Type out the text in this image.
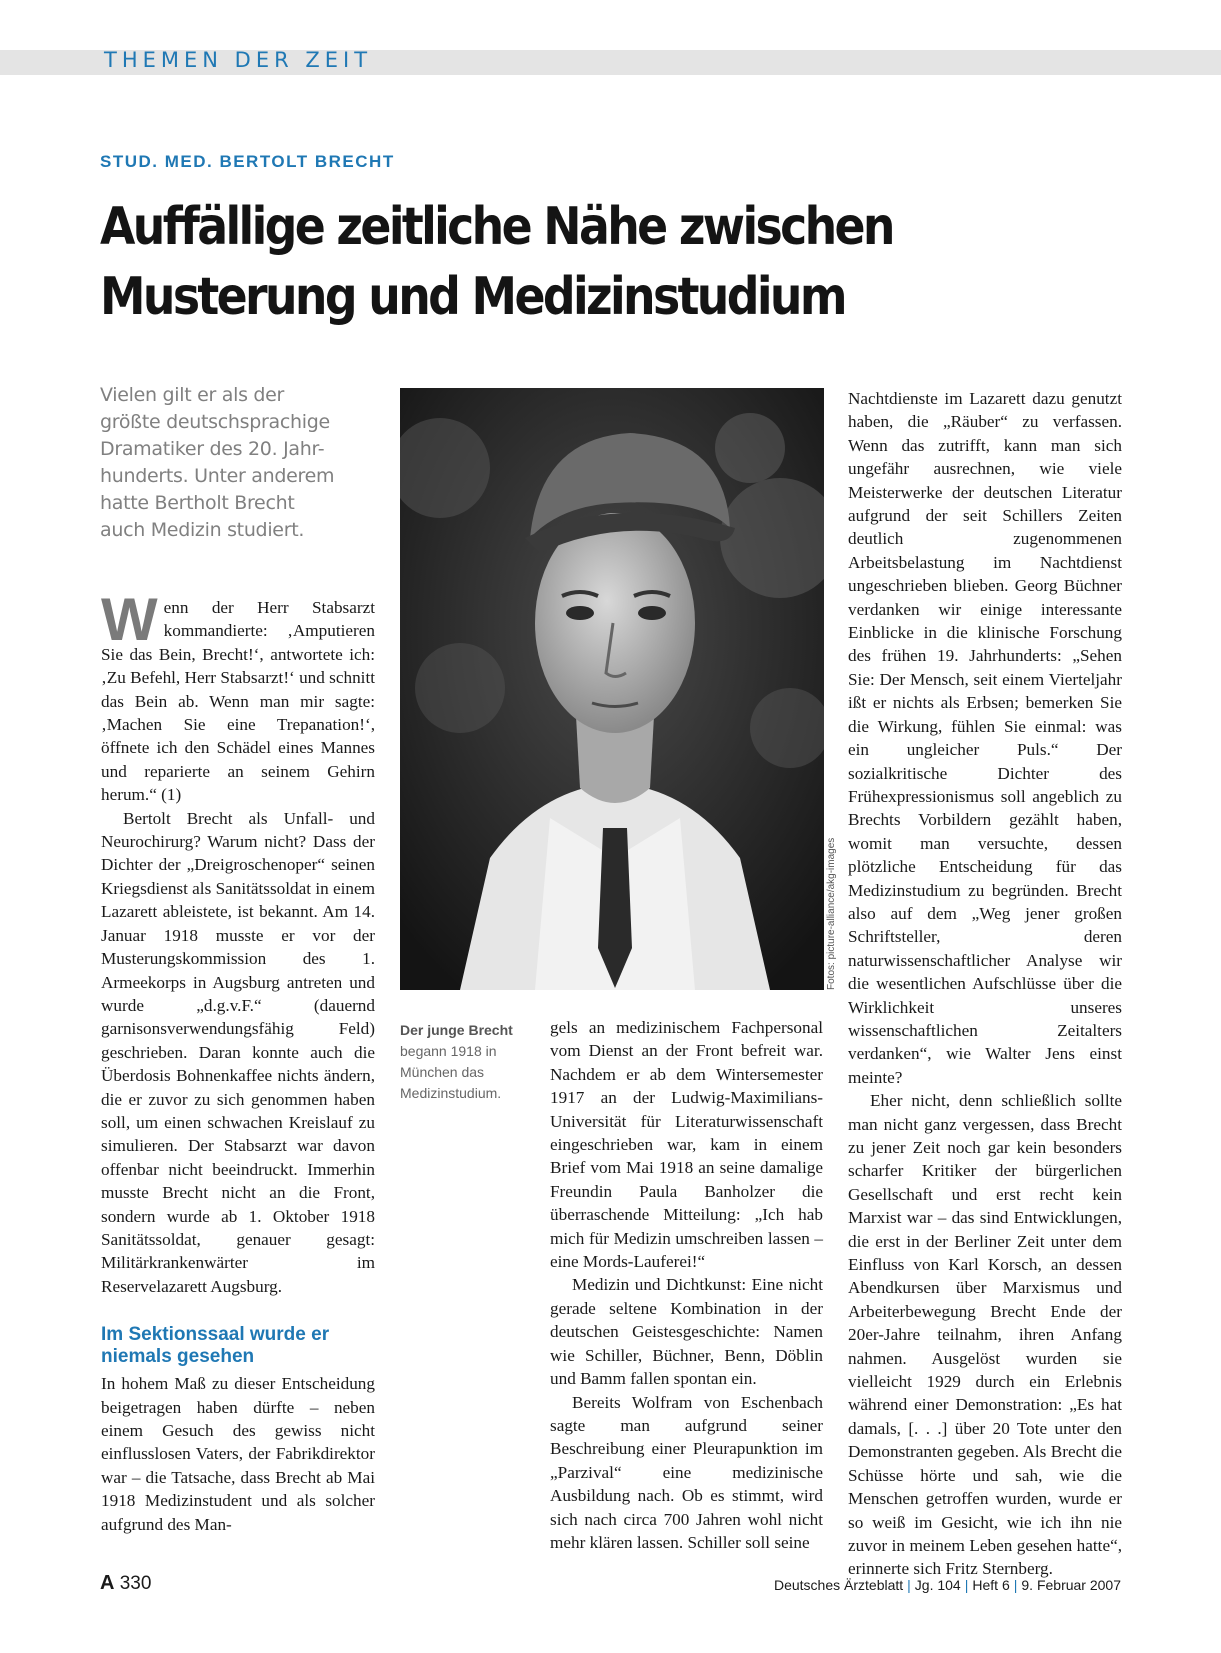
THEMEN DER ZEIT
STUD. MED. BERTOLT BRECHT
Auffällige zeitliche Nähe zwischen
Musterung und Medizinstudium
Vielen gilt er als der
größte deutschsprachige
Dramatiker des 20. Jahr-
hunderts. Unter anderem
hatte Bertholt Brecht
auch Medizin studiert.
Fotos: picture-alliance/akg-images
Der junge Brecht
begann 1918 in München das Medizinstudium.

Wenn der Herr Stabsarzt kommandierte: ‚Amputieren Sie das Bein, Brecht!‘, antwortete ich: ‚Zu Befehl, Herr Stabsarzt!‘ und schnitt das Bein ab. Wenn man mir sagte: ‚Machen Sie eine Trepanation!‘, öffnete ich den Schädel eines Mannes und reparierte an seinem Gehirn herum.“ (1)

Bertolt Brecht als Unfall- und Neurochirurg? Warum nicht? Dass der Dichter der „Dreigroschenoper“ seinen Kriegsdienst als Sanitätssoldat in einem Lazarett ableistete, ist bekannt. Am 14. Januar 1918 musste er vor der Musterungskommission des 1. Armeekorps in Augsburg antreten und wurde „d.g.v.F.“ (dauernd garnisonsverwendungsfähig Feld) geschrieben. Daran konnte auch die Überdosis Bohnenkaffee nichts ändern, die er zuvor zu sich genommen haben soll, um einen schwachen Kreislauf zu simulieren. Der Stabsarzt war davon offenbar nicht beeindruckt. Immerhin musste Brecht nicht an die Front, sondern wurde ab 1. Oktober 1918 Sanitätssoldat, genauer gesagt: Militärkrankenwärter im Reservelazarett Augsburg.

Im Sektionssaal wurde er niemals gesehen

In hohem Maß zu dieser Entscheidung beigetragen haben dürfte – neben einem Gesuch des gewiss nicht einflusslosen Vaters, der Fabrikdirektor war – die Tatsache, dass Brecht ab Mai 1918 Medizinstudent und als solcher aufgrund des Man-

gels an medizinischem Fachpersonal vom Dienst an der Front befreit war. Nachdem er ab dem Wintersemester 1917 an der Ludwig-Maximilians-Universität für Literaturwissenschaft eingeschrieben war, kam in einem Brief vom Mai 1918 an seine damalige Freundin Paula Banholzer die überraschende Mitteilung: „Ich hab mich für Medizin umschreiben lassen – eine Mords-Lauferei!“

Medizin und Dichtkunst: Eine nicht gerade seltene Kombination in der deutschen Geistesgeschichte: Namen wie Schiller, Büchner, Benn, Döblin und Bamm fallen spontan ein.

Bereits Wolfram von Eschenbach sagte man aufgrund seiner Beschreibung einer Pleurapunktion im „Parzival“ eine medizinische Ausbildung nach. Ob es stimmt, wird sich nach circa 700 Jahren wohl nicht mehr klären lassen. Schiller soll seine

Nachtdienste im Lazarett dazu genutzt haben, die „Räuber“ zu verfassen. Wenn das zutrifft, kann man sich ungefähr ausrechnen, wie viele Meisterwerke der deutschen Literatur aufgrund der seit Schillers Zeiten deutlich zugenommenen Arbeitsbelastung im Nachtdienst ungeschrieben blieben. Georg Büchner verdanken wir einige interessante Einblicke in die klinische Forschung des frühen 19. Jahrhunderts: „Sehen Sie: Der Mensch, seit einem Vierteljahr ißt er nichts als Erbsen; bemerken Sie die Wirkung, fühlen Sie einmal: was ein ungleicher Puls.“ Der sozialkritische Dichter des Frühexpressionismus soll angeblich zu Brechts Vorbildern gezählt haben, womit man versuchte, dessen plötzliche Entscheidung für das Medizinstudium zu begründen. Brecht also auf dem „Weg jener großen Schriftsteller, deren naturwissenschaftlicher Analyse wir die wesentlichen Aufschlüsse über die Wirklichkeit unseres wissenschaftlichen Zeitalters verdanken“, wie Walter Jens einst meinte?

Eher nicht, denn schließlich sollte man nicht ganz vergessen, dass Brecht zu jener Zeit noch gar kein besonders scharfer Kritiker der bürgerlichen Gesellschaft und erst recht kein Marxist war – das sind Entwicklungen, die erst in der Berliner Zeit unter dem Einfluss von Karl Korsch, an dessen Abendkursen über Marxismus und Arbeiterbewegung Brecht Ende der 20er-Jahre teilnahm, ihren Anfang nahmen. Ausgelöst wurden sie vielleicht 1929 durch ein Erlebnis während einer Demonstration: „Es hat damals, [. . .] über 20 Tote unter den Demonstranten gegeben. Als Brecht die Schüsse hörte und sah, wie die Menschen getroffen wurden, wurde er so weiß im Gesicht, wie ich ihn nie zuvor in meinem Leben gesehen hatte“, erinnerte sich Fritz Sternberg.

A 330	Deutsches Ärzteblatt | Jg. 104 | Heft 6 | 9. Februar 2007
